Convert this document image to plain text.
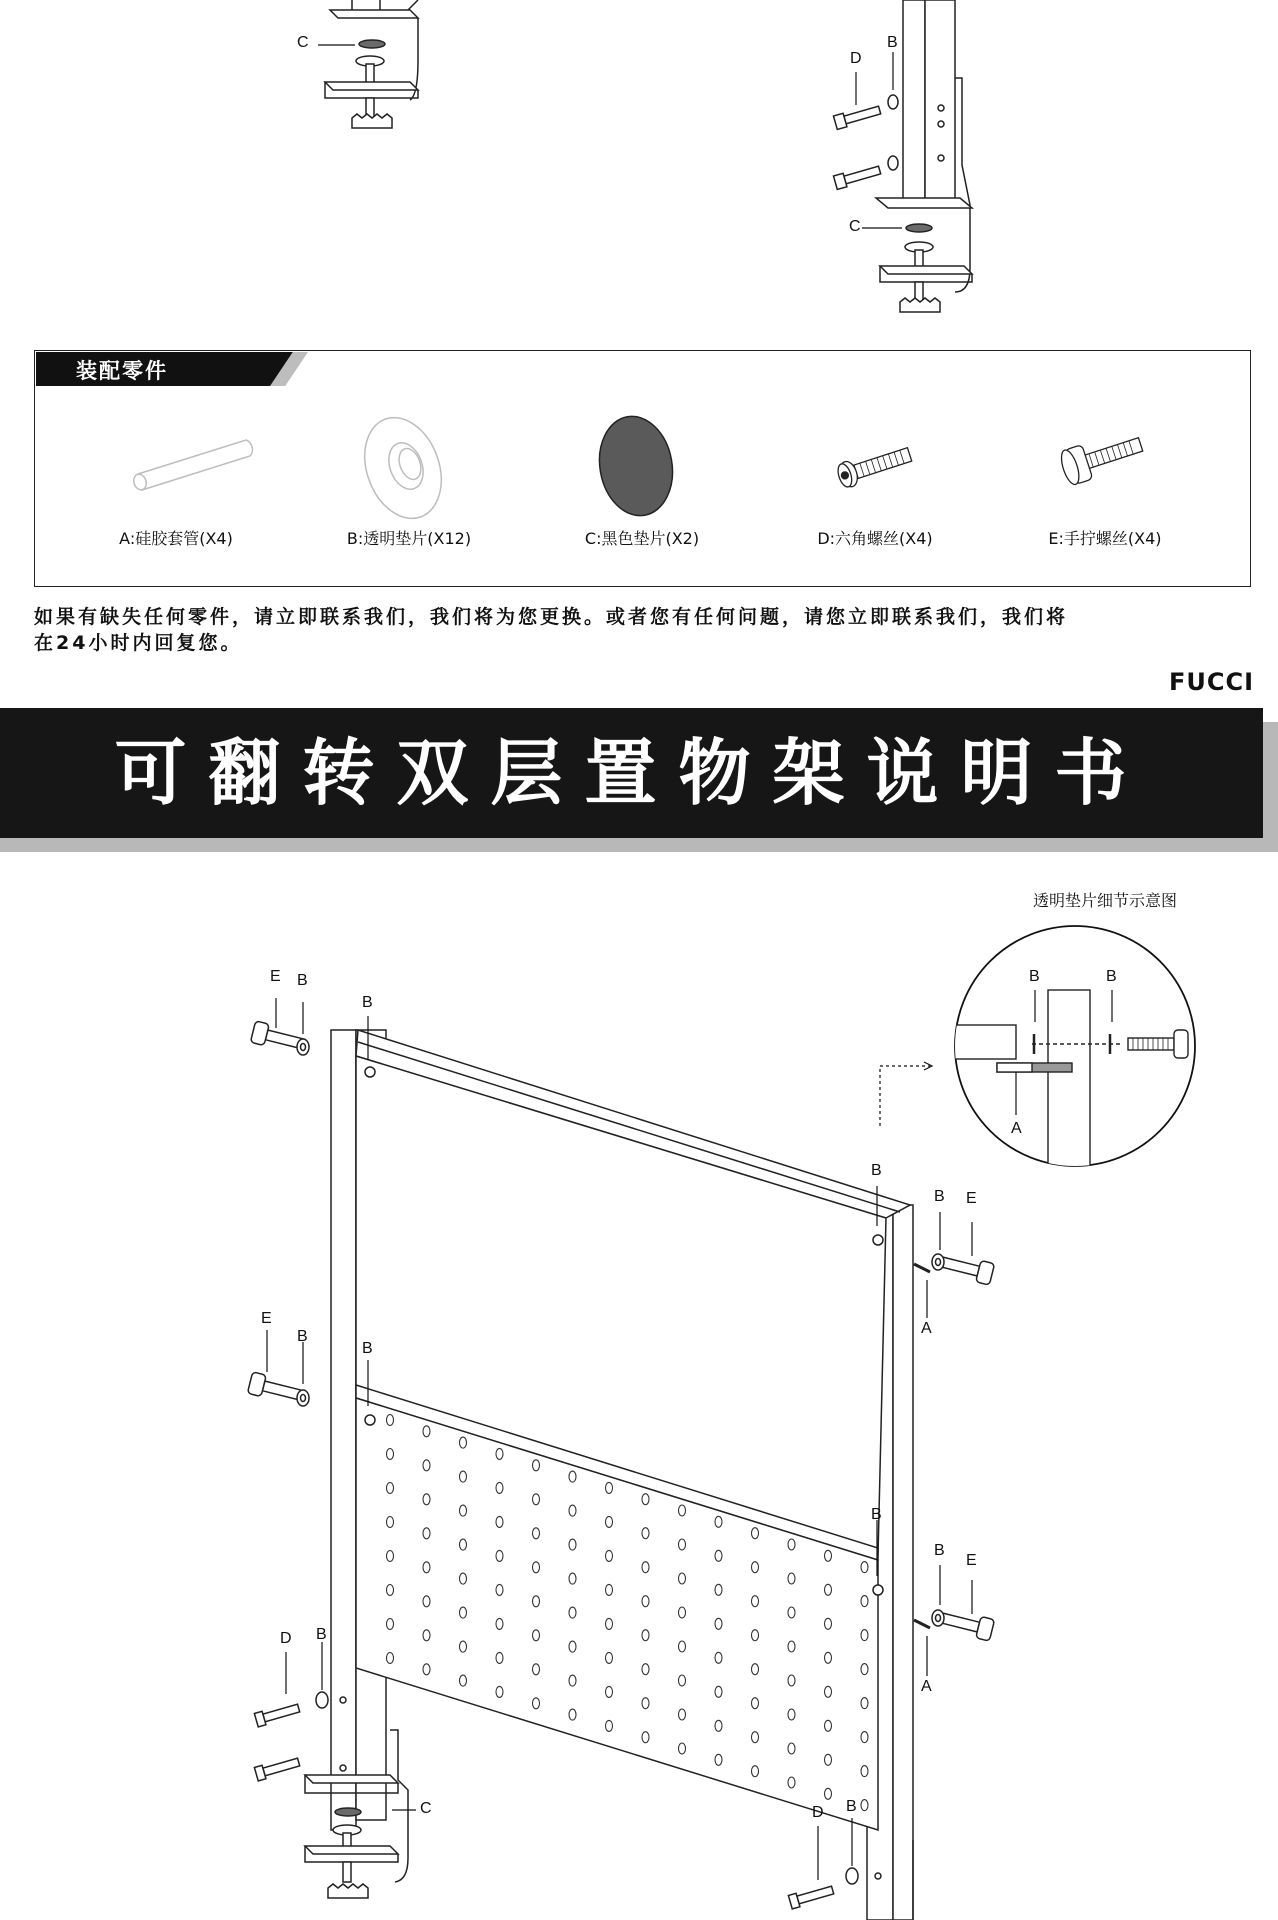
C
D
B
C
装配零件
A:硅胶套管(X4)	B:透明垫片(X12)	C:黑色垫片(X2)	D:六角螺丝(X4)	E:手拧螺丝(X4)
如果有缺失任何零件，请立即联系我们，我们将为您更换。或者您有任何问题，请您立即联系我们，我们将
在24小时内回复您。
FUCCI
可翻转双层置物架说明书
透明垫片细节示意图
B	B
A
E B
B
B
B E
A
E
B
B
B
B
E
A
D B
C	D B
